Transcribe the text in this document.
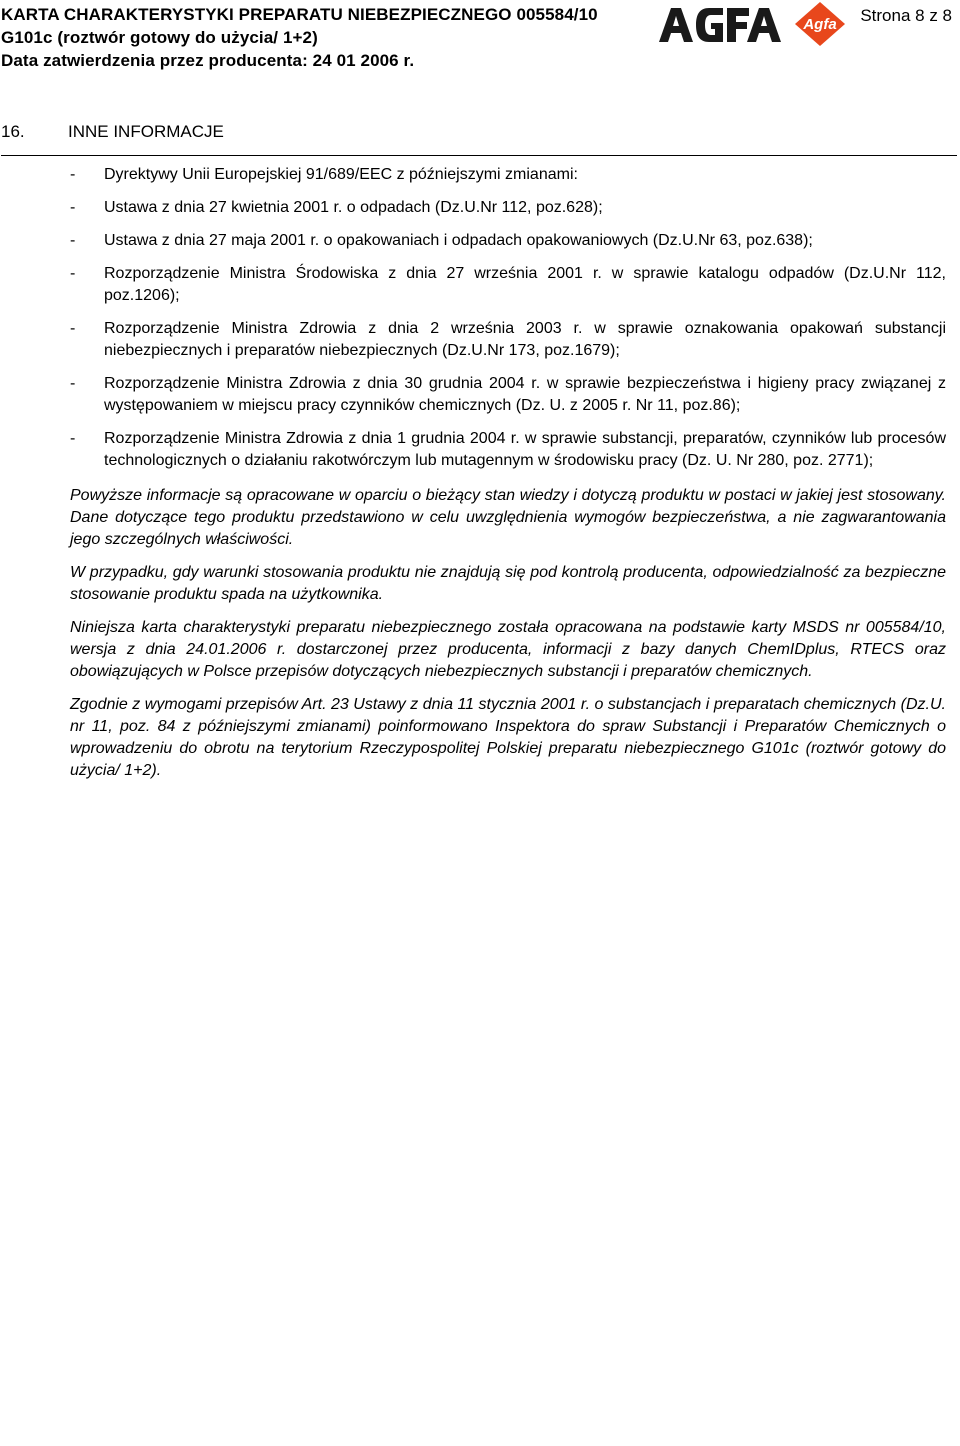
KARTA CHARAKTERYSTYKI PREPARATU NIEBEZPIECZNEGO 005584/10
G101c (roztwór gotowy do użycia/ 1+2)
Data zatwierdzenia przez producenta: 24 01 2006 r.
Agfa Strona 8 z 8
16.	INNE INFORMACJE
- Dyrektywy Unii Europejskiej 91/689/EEC z późniejszymi zmianami:
- Ustawa z dnia 27 kwietnia 2001 r. o odpadach (Dz.U.Nr 112, poz.628);
- Ustawa z dnia 27 maja 2001 r. o opakowaniach i odpadach opakowaniowych (Dz.U.Nr 63, poz.638);
- Rozporządzenie Ministra Środowiska z dnia 27 września 2001 r. w sprawie katalogu odpadów (Dz.U.Nr 112, poz.1206);
- Rozporządzenie Ministra Zdrowia z dnia 2 września 2003 r. w sprawie oznakowania opakowań substancji niebezpiecznych i preparatów niebezpiecznych (Dz.U.Nr 173, poz.1679);
- Rozporządzenie Ministra Zdrowia z dnia 30 grudnia 2004 r. w sprawie bezpieczeństwa i higieny pracy związanej z występowaniem w miejscu pracy czynników chemicznych (Dz. U. z 2005 r. Nr 11, poz.86);
- Rozporządzenie Ministra Zdrowia z dnia 1 grudnia 2004 r. w sprawie substancji, preparatów, czynników lub procesów technologicznych o działaniu rakotwórczym lub mutagennym w środowisku pracy (Dz. U. Nr 280, poz. 2771);

Powyższe informacje są opracowane w oparciu o bieżący stan wiedzy i dotyczą produktu w postaci w jakiej jest stosowany. Dane dotyczące tego produktu przedstawiono w celu uwzględnienia wymogów bezpieczeństwa, a nie zagwarantowania jego szczególnych właściwości.

W przypadku, gdy warunki stosowania produktu nie znajdują się pod kontrolą producenta, odpowiedzialność za bezpieczne stosowanie produktu spada na użytkownika.

Niniejsza karta charakterystyki preparatu niebezpiecznego została opracowana na podstawie karty MSDS nr 005584/10, wersja z dnia 24.01.2006 r. dostarczonej przez producenta, informacji z bazy danych ChemIDplus, RTECS oraz obowiązujących w Polsce przepisów dotyczących niebezpiecznych substancji i preparatów chemicznych.

Zgodnie z wymogami przepisów Art. 23 Ustawy z dnia 11 stycznia 2001 r. o substancjach i preparatach chemicznych (Dz.U. nr 11, poz. 84 z późniejszymi zmianami) poinformowano Inspektora do spraw Substancji i Preparatów Chemicznych o wprowadzeniu do obrotu na terytorium Rzeczypospolitej Polskiej preparatu niebezpiecznego G101c (roztwór gotowy do użycia/ 1+2).
